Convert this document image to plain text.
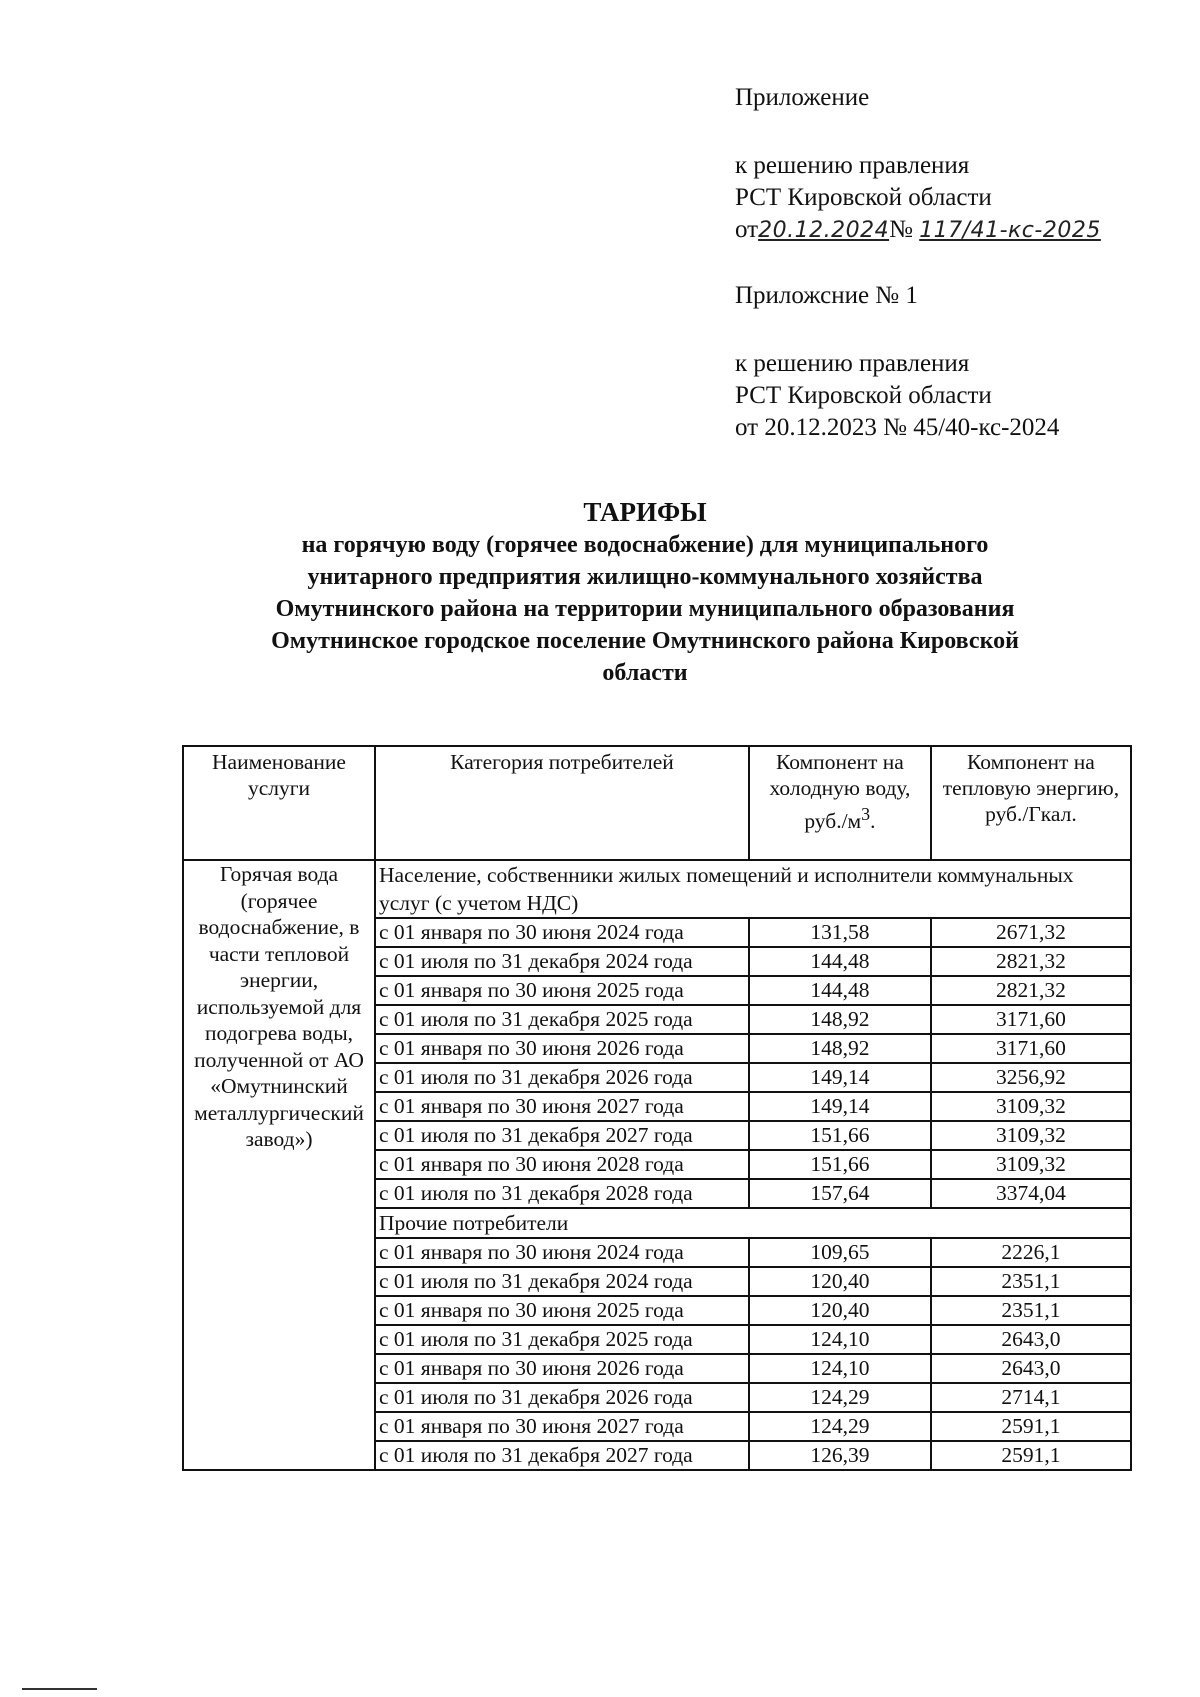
Приложение
к решению правления
РСТ Кировской области
от20.12.2024№ 117/41-кс-2025
Приложсние № 1
к решению правления
РСТ Кировской области
от 20.12.2023 № 45/40-кс-2024
ТАРИФЫ
на горячую воду (горячее водоснабжение) для муниципального
унитарного предприятия жилищно-коммунального хозяйства
Омутнинского района на территории муниципального образования
Омутнинское городское поселение Омутнинского района Кировской
области
Наименование услуги	Категория потребителей	Компонент на холодную воду, $руб./м^3$.	Компонент на тепловую энергию, руб./Гкал.
Горячая вода (горячее водоснабжение, в части тепловой энергии, используемой для подогрева воды, полученной от АО «Омутнинский металлургический завод»)	Население, собственники жилых помещений и исполнители коммунальных услуг (с учетом НДС)		
	с 01 января по 30 июня 2024 года	131,58	2671,32
	с 01 июля по 31 декабря 2024 года	144,48	2821,32
	с 01 января по 30 июня 2025 года	144,48	2821,32
	с 01 июля по 31 декабря 2025 года	148,92	3171,60
	с 01 января по 30 июня 2026 года	148,92	3171,60
	с 01 июля по 31 декабря 2026 года	149,14	3256,92
	с 01 января по 30 июня 2027 года	149,14	3109,32
	с 01 июля по 31 декабря 2027 года	151,66	3109,32
	с 01 января по 30 июня 2028 года	151,66	3109,32
	с 01 июля по 31 декабря 2028 года	157,64	3374,04
	Прочие потребители		
	с 01 января по 30 июня 2024 года	109,65	2226,1
	с 01 июля по 31 декабря 2024 года	120,40	2351,1
	с 01 января по 30 июня 2025 года	120,40	2351,1
	с 01 июля по 31 декабря 2025 года	124,10	2643,0
	с 01 января по 30 июня 2026 года	124,10	2643,0
	с 01 июля по 31 декабря 2026 года	124,29	2714,1
	с 01 января по 30 июня 2027 года	124,29	2591,1
	с 01 июля по 31 декабря 2027 года	126,39	2591,1
